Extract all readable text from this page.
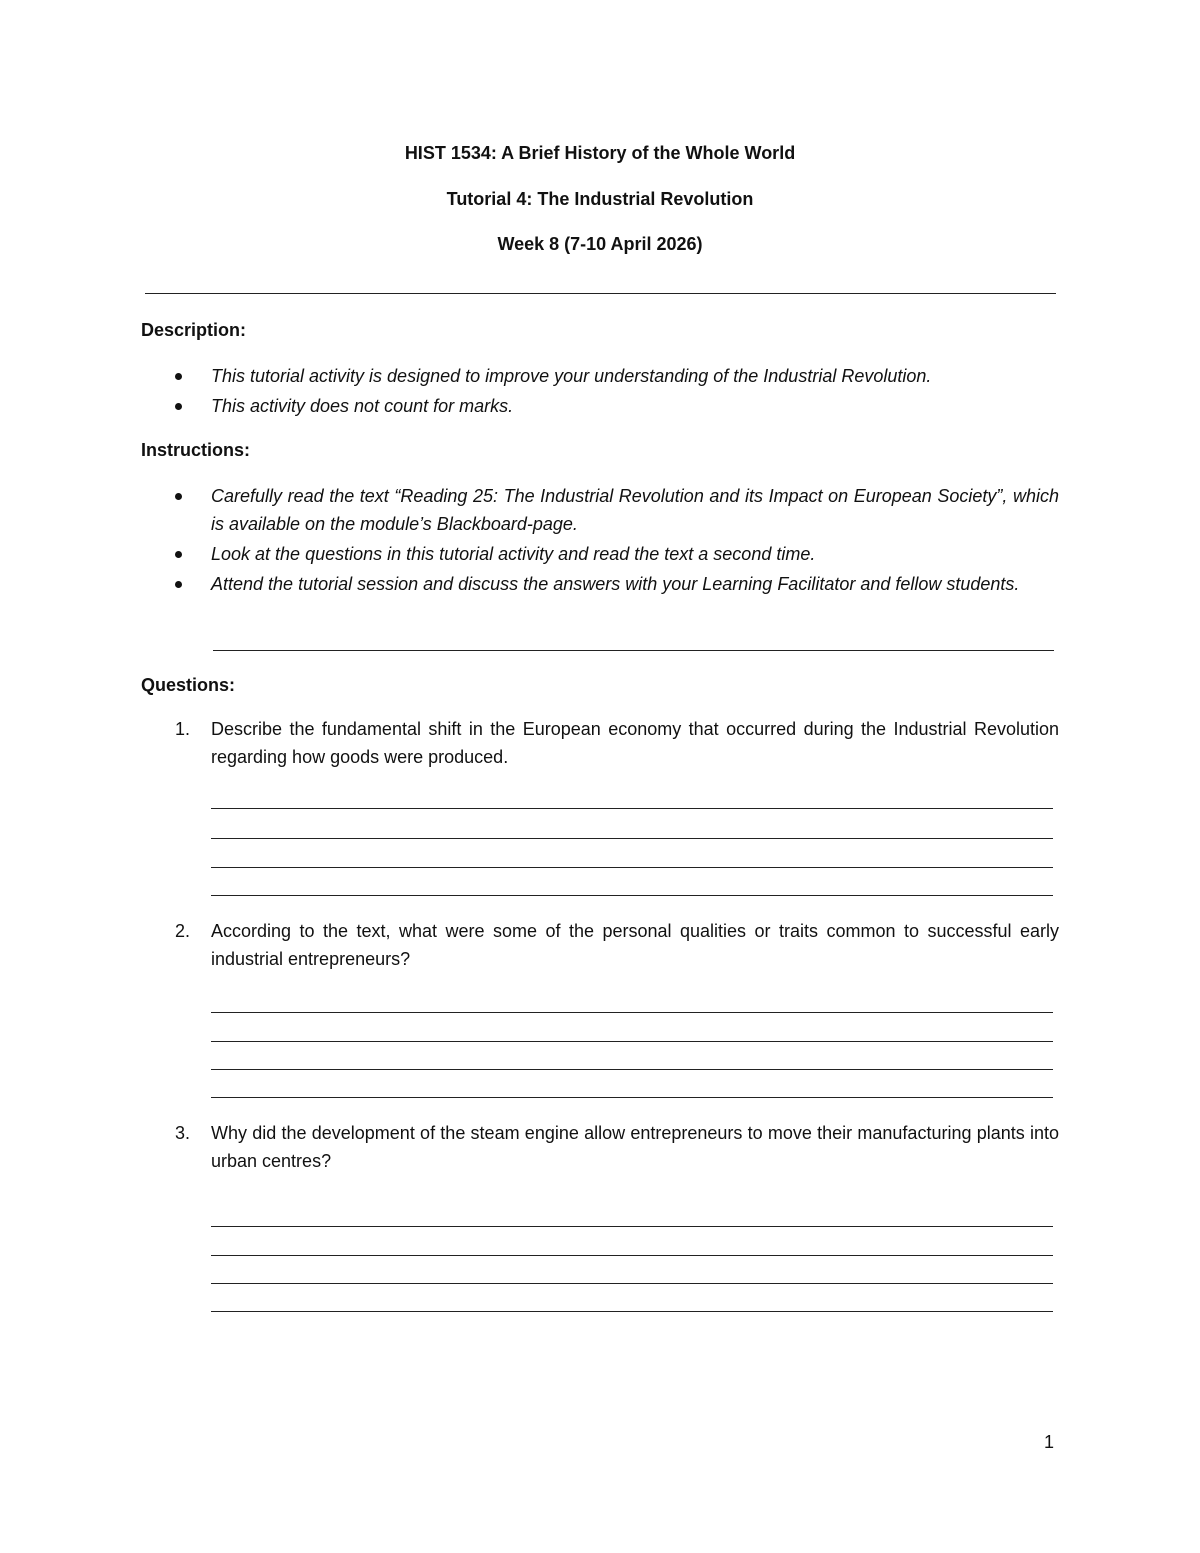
HIST 1534: A Brief History of the Whole World
Tutorial 4: The Industrial Revolution
Week 8 (7-10 April 2026)
Description:
This tutorial activity is designed to improve your understanding of the Industrial Revolution.
This activity does not count for marks.
Instructions:
Carefully read the text “Reading 25: The Industrial Revolution and its Impact on European Society”, which is available on the module’s Blackboard-page.
Look at the questions in this tutorial activity and read the text a second time.
Attend the tutorial session and discuss the answers with your Learning Facilitator and fellow students.
Questions:
1. Describe the fundamental shift in the European economy that occurred during the Industrial Revolution regarding how goods were produced.
2. According to the text, what were some of the personal qualities or traits common to successful early industrial entrepreneurs?
3. Why did the development of the steam engine allow entrepreneurs to move their manufacturing plants into urban centres?
1
